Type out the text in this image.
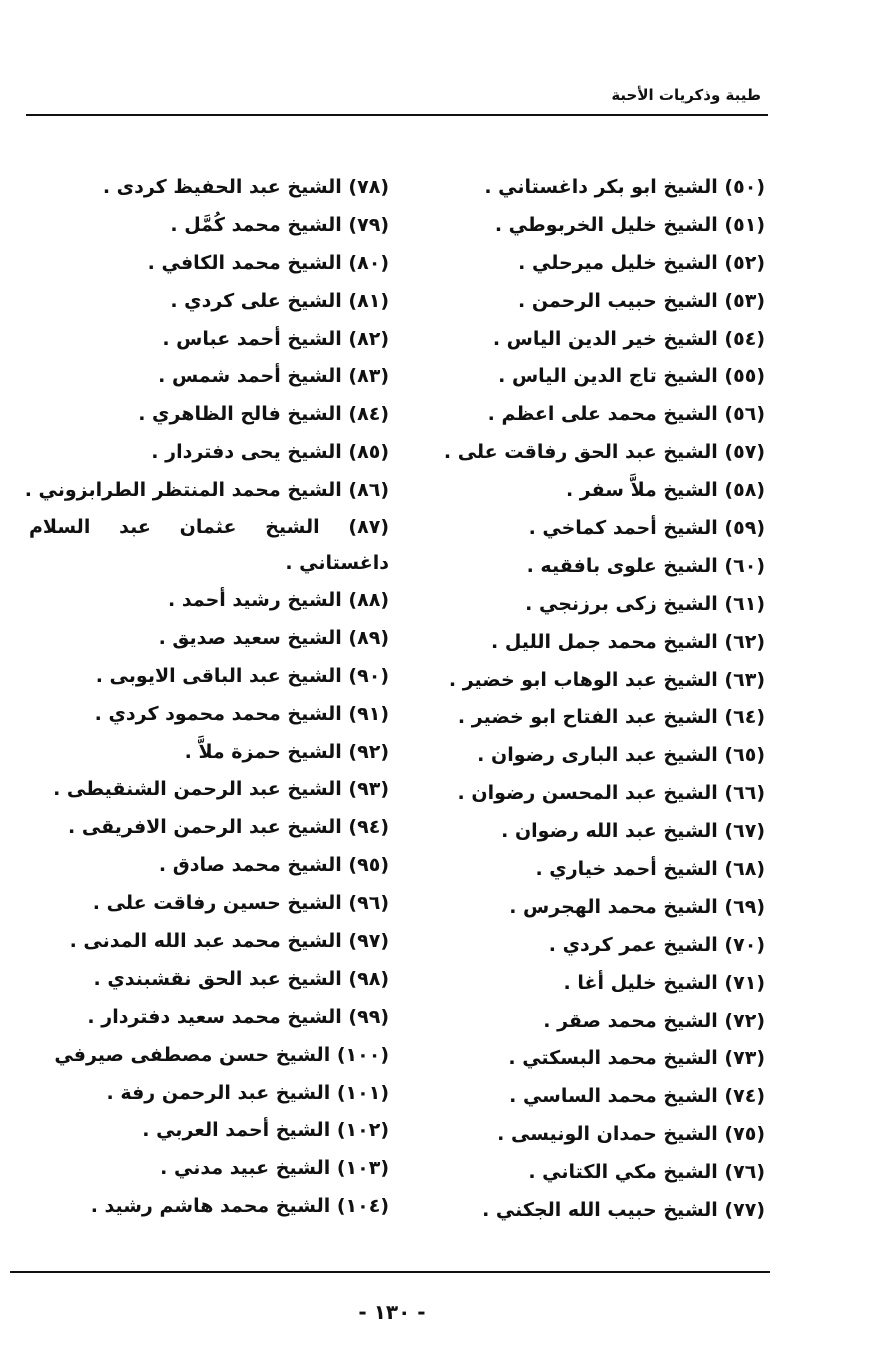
طيبة وذكريات الأحبة
(٥٠) الشيخ ابو بكر داغستاني .
(٥١) الشيخ خليل الخربوطي .
(٥٢) الشيخ خليل ميرحلي .
(٥٣) الشيخ حبيب الرحمن .
(٥٤) الشيخ خير الدين الياس .
(٥٥) الشيخ تاج الدين الياس .
(٥٦) الشيخ محمد على اعظم .
(٥٧) الشيخ عبد الحق رفاقت على .
(٥٨) الشيخ ملاَّ سفر .
(٥٩) الشيخ أحمد كماخي .
(٦٠) الشيخ علوى بافقيه .
(٦١) الشيخ زكى برزنجي .
(٦٢) الشيخ محمد جمل الليل .
(٦٣) الشيخ عبد الوهاب ابو خضير .
(٦٤) الشيخ عبد الفتاح ابو خضير .
(٦٥) الشيخ عبد البارى رضوان .
(٦٦) الشيخ عبد المحسن رضوان .
(٦٧) الشيخ عبد الله رضوان .
(٦٨) الشيخ أحمد خياري .
(٦٩) الشيخ محمد الهجرس .
(٧٠) الشيخ عمر كردي .
(٧١) الشيخ خليل أغا .
(٧٢) الشيخ محمد صقر .
(٧٣) الشيخ محمد البسكتي .
(٧٤) الشيخ محمد الساسي .
(٧٥) الشيخ حمدان الونيسى .
(٧٦) الشيخ مكي الكتاني .
(٧٧) الشيخ حبيب الله الجكني .
(٧٨) الشيخ عبد الحفيظ كردى .
(٧٩) الشيخ محمد كُمَّل .
(٨٠) الشيخ محمد الكافي .
(٨١) الشيخ على كردي .
(٨٢) الشيخ أحمد عباس .
(٨٣) الشيخ أحمد شمس .
(٨٤) الشيخ فالح الظاهري .
(٨٥) الشيخ يحى دفتردار .
(٨٦) الشيخ محمد المنتظر الطرابزوني .
(٨٧) الشيخ عثمان عبد السلام
داغستاني .
(٨٨) الشيخ رشيد أحمد .
(٨٩) الشيخ سعيد صديق .
(٩٠) الشيخ عبد الباقى الايوبى .
(٩١) الشيخ محمد محمود كردي .
(٩٢) الشيخ حمزة ملاَّ .
(٩٣) الشيخ عبد الرحمن الشنقيطى .
(٩٤) الشيخ عبد الرحمن الافريقى .
(٩٥) الشيخ محمد صادق .
(٩٦) الشيخ حسين رفاقت على .
(٩٧) الشيخ محمد عبد الله المدنى .
(٩٨) الشيخ عبد الحق نقشبندي .
(٩٩) الشيخ محمد سعيد دفتردار .
(١٠٠) الشيخ حسن مصطفى صيرفي
(١٠١) الشيخ عبد الرحمن رفة .
(١٠٢) الشيخ أحمد العربي .
(١٠٣) الشيخ عبيد مدني .
(١٠٤) الشيخ محمد هاشم رشيد .
- ١٣٠ -
